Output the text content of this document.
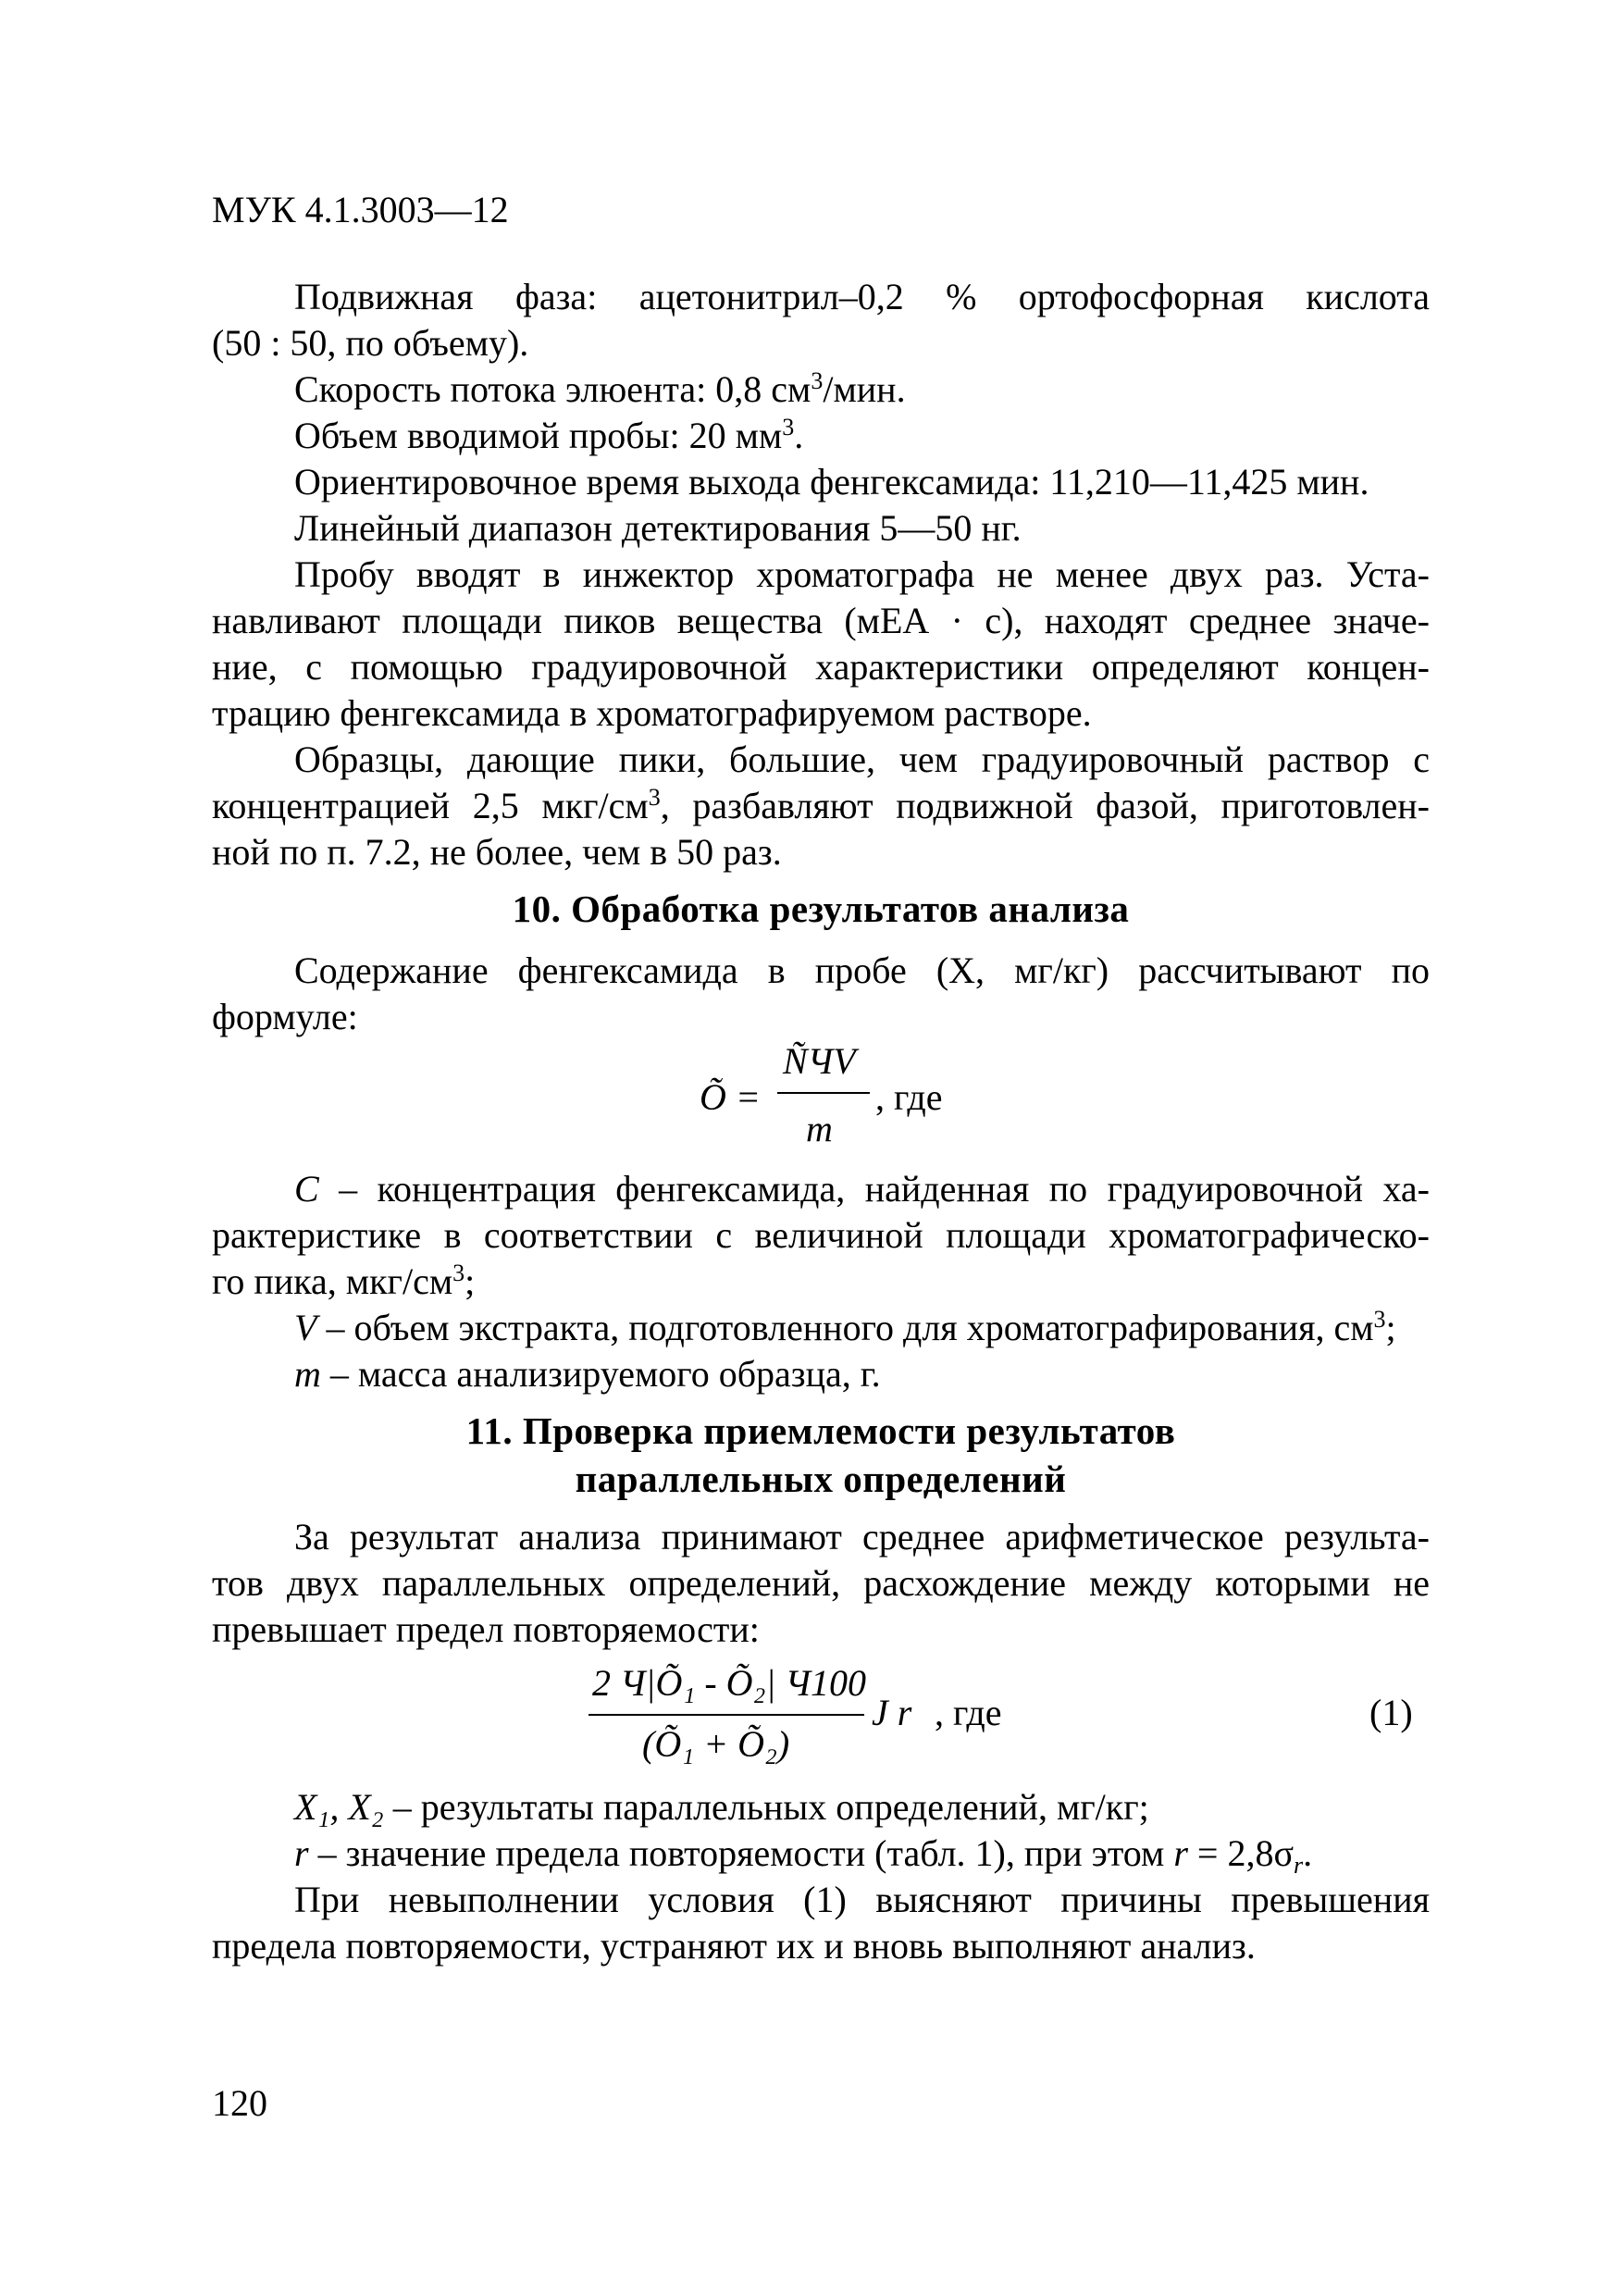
МУК 4.1.3003—12
Подвижная фаза: ацетонитрил–0,2 % ортофосфорная кислота
(50 : 50, по объему).
Скорость потока элюента: 0,8 $см^3$/мин.
Объем вводимой пробы: 20 $мм^3$.
Ориентировочное время выхода фенгексамида: 11,210—11,425 мин.
Линейный диапазон детектирования 5—50 нг.
Пробу вводят в инжектор хроматографа не менее двух раз. Уста-
навливают площади пиков вещества (мЕА · с), находят среднее значе-
ние, с помощью градуировочной характеристики определяют концен-
трацию фенгексамида в хроматографируемом растворе.
Образцы, дающие пики, большие, чем градуировочный раствор с
концентрацией 2,5 мкг/$см^3$, разбавляют подвижной фазой, приготовлен-
ной по п. 7.2, не более, чем в 50 раз.
10. Обработка результатов анализа
Содержание фенгексамида в пробе (X, мг/кг) рассчитывают по
формуле:
Õ =
ÑЧV
m
, где
C – концентрация фенгексамида, найденная по градуировочной ха-
рактеристике в соответствии с величиной площади хроматографическо-
го пика, мкг/$см^3$;
V – объем экстракта, подготовленного для хроматографирования, $см^3$;
m – масса анализируемого образца, г.
11. Проверка приемлемости результатов
параллельных определений
За результат анализа принимают среднее арифметическое результа-
тов двух параллельных определений, расхождение между которыми не
превышает предел повторяемости:
2 Ч|Õ₁ - Õ₂| Ч100
(Õ₁ + Õ₂)
J r , где	(1)
X₁, X₂ – результаты параллельных определений, мг/кг;
r – значение предела повторяемости (табл. 1), при этом $r = 2,8\sigma_r$.
При невыполнении условия (1) выясняют причины превышения
предела повторяемости, устраняют их и вновь выполняют анализ.
120
